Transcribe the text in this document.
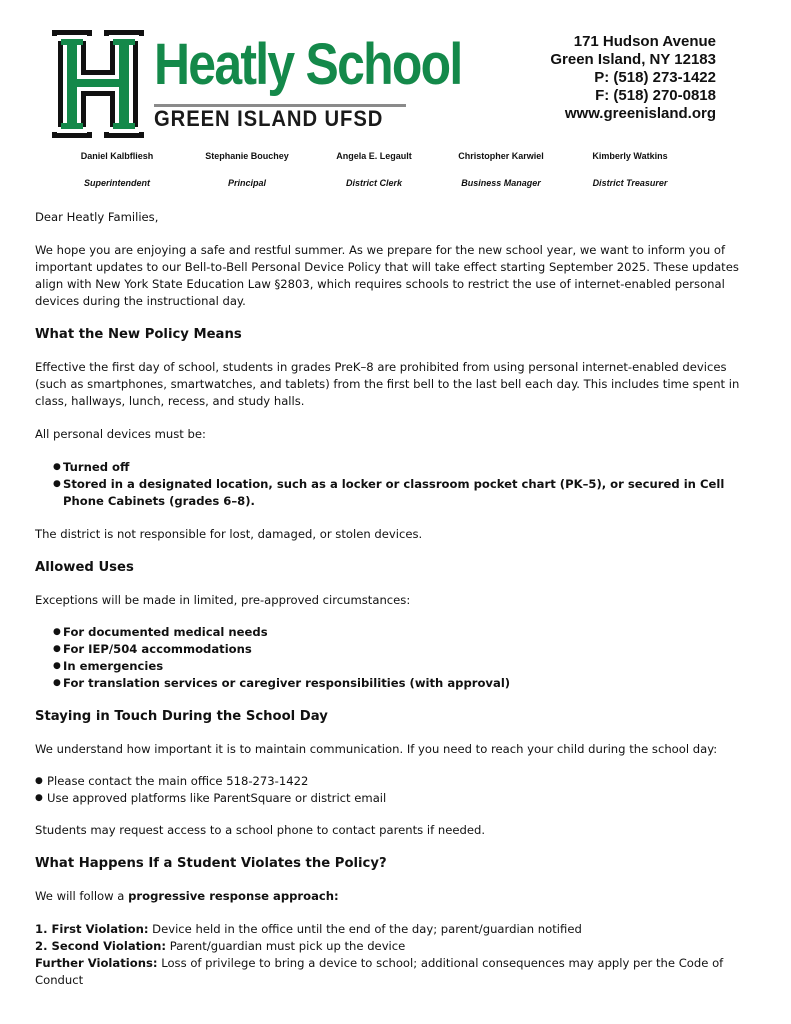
Heatly School
GREEN ISLAND UFSD
171 Hudson Avenue
Green Island, NY 12183
P: (518) 273-1422
F: (518) 270-0818
www.greenisland.org
Daniel Kalbfliesh
Superintendent
Stephanie Bouchey
Principal
Angela E. Legault
District Clerk
Christopher Karwiel
Business Manager
Kimberly Watkins
District Treasurer

Dear Heatly Families,

We hope you are enjoying a safe and restful summer. As we prepare for the new school year, we want to inform you of important updates to our Bell-to-Bell Personal Device Policy that will take effect starting September 2025. These updates align with New York State Education Law §2803, which requires schools to restrict the use of internet-enabled personal devices during the instructional day.

What the New Policy Means

Effective the first day of school, students in grades PreK–8 are prohibited from using personal internet-enabled devices (such as smartphones, smartwatches, and tablets) from the first bell to the last bell each day. This includes time spent in class, hallways, lunch, recess, and study halls.

All personal devices must be:

● Turned off
● Stored in a designated location, such as a locker or classroom pocket chart (PK–5), or secured in Cell Phone Cabinets (grades 6–8).

The district is not responsible for lost, damaged, or stolen devices.

Allowed Uses

Exceptions will be made in limited, pre-approved circumstances:

● For documented medical needs
● For IEP/504 accommodations
● In emergencies
● For translation services or caregiver responsibilities (with approval)
Staying in Touch During the School Day

We understand how important it is to maintain communication. If you need to reach your child during the school day:

● Please contact the main office 518-273-1422
● Use approved platforms like ParentSquare or district email

Students may request access to a school phone to contact parents if needed.

What Happens If a Student Violates the Policy?

We will follow a progressive response approach:

1. First Violation: Device held in the office until the end of the day; parent/guardian notified

2. Second Violation: Parent/guardian must pick up the device

Further Violations: Loss of privilege to bring a device to school; additional consequences may apply per the Code of Conduct
